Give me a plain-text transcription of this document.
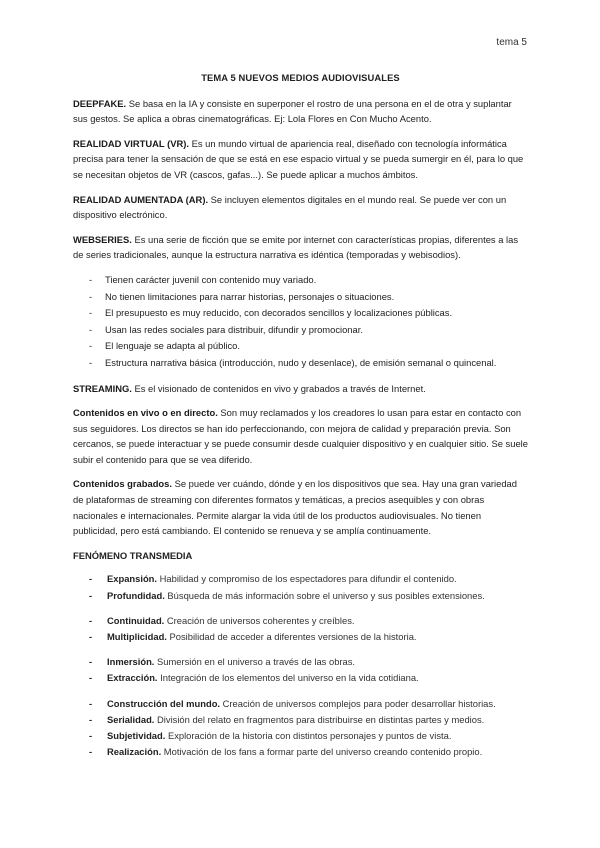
tema 5
TEMA 5 NUEVOS MEDIOS AUDIOVISUALES

DEEPFAKE. Se basa en la IA y consiste en superponer el rostro de una persona en el de otra y suplantar sus gestos. Se aplica a obras cinematográficas. Ej: Lola Flores en Con Mucho Acento.

REALIDAD VIRTUAL (VR). Es un mundo virtual de apariencia real, diseñado con tecnología informática precisa para tener la sensación de que se está en ese espacio virtual y se pueda sumergir en él, para lo que se necesitan objetos de VR (cascos, gafas...). Se puede aplicar a muchos ámbitos.

REALIDAD AUMENTADA (AR). Se incluyen elementos digitales en el mundo real. Se puede ver con un dispositivo electrónico.

WEBSERIES. Es una serie de ficción que se emite por internet con características propias, diferentes a las de series tradicionales, aunque la estructura narrativa es idéntica (temporadas y webisodios).

- Tienen carácter juvenil con contenido muy variado.
- No tienen limitaciones para narrar historias, personajes o situaciones.
- El presupuesto es muy reducido, con decorados sencillos y localizaciones públicas.
- Usan las redes sociales para distribuir, difundir y promocionar.
- El lenguaje se adapta al público.
- Estructura narrativa básica (introducción, nudo y desenlace), de emisión semanal o quincenal.

STREAMING. Es el visionado de contenidos en vivo y grabados a través de Internet.

Contenidos en vivo o en directo. Son muy reclamados y los creadores lo usan para estar en contacto con sus seguidores. Los directos se han ido perfeccionando, con mejora de calidad y preparación previa. Son cercanos, se puede interactuar y se puede consumir desde cualquier dispositivo y en cualquier sitio. Se suele subir el contenido para que se vea diferido.

Contenidos grabados. Se puede ver cuándo, dónde y en los dispositivos que sea. Hay una gran variedad de plataformas de streaming con diferentes formatos y temáticas, a precios asequibles y con obras nacionales e internacionales. Permite alargar la vida útil de los productos audiovisuales. No tienen publicidad, pero está cambiando. El contenido se renueva y se amplía continuamente.

FENÓMENO TRANSMEDIA
- Expansión. Habilidad y compromiso de los espectadores para difundir el contenido.
- Profundidad. Búsqueda de más información sobre el universo y sus posibles extensiones.
- Continuidad. Creación de universos coherentes y creíbles.
- Multiplicidad. Posibilidad de acceder a diferentes versiones de la historia.
- Inmersión. Sumersión en el universo a través de las obras.
- Extracción. Integración de los elementos del universo en la vida cotidiana.
- Construcción del mundo. Creación de universos complejos para poder desarrollar historias.
- Serialidad. División del relato en fragmentos para distribuirse en distintas partes y medios.
- Subjetividad. Exploración de la historia con distintos personajes y puntos de vista.
- Realización. Motivación de los fans a formar parte del universo creando contenido propio.
